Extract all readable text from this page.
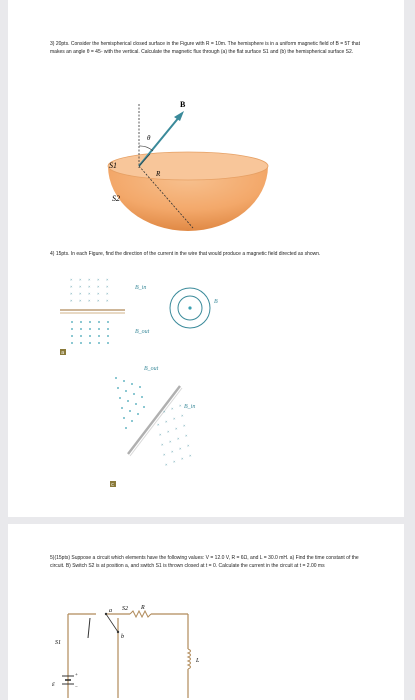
3) 20pts. Consider the hemispherical closed surface in the Figure with R = 10m. The hemisphere is in a uniform magnetic field of B = 5T that makes an angle θ = 45◦ with the vertical. Calculate the magnetic flux through (a) the flat surface S1 and (b) the hemispherical surface S2.
θ
B
R
S1
S2
4) 15pts. In each Figure, find the direction of the current in the wire that would produce a magnetic field directed as shown.
× × × × ×
× × × × ×
× × × × ×
× × × × ×
B_in
B_out
a
B
×
×
×
×
×
×
×
×
×
×
×
×
×
×
×
×
×
×
×
×
×
×
×
B_out
B_in
c
5)(15pts) Suppose a circuit which elements have the following values: V = 12.0 V, R = 6Ω, and L = 30.0 mH. a) Find the time constant of the circuit. B) Switch S2 is at position a, and switch S1 is thrown closed at t = 0. Calculate the current in the circuit at t = 2.00 ms
a
b
S2 R
S1
L
ε
+
−
